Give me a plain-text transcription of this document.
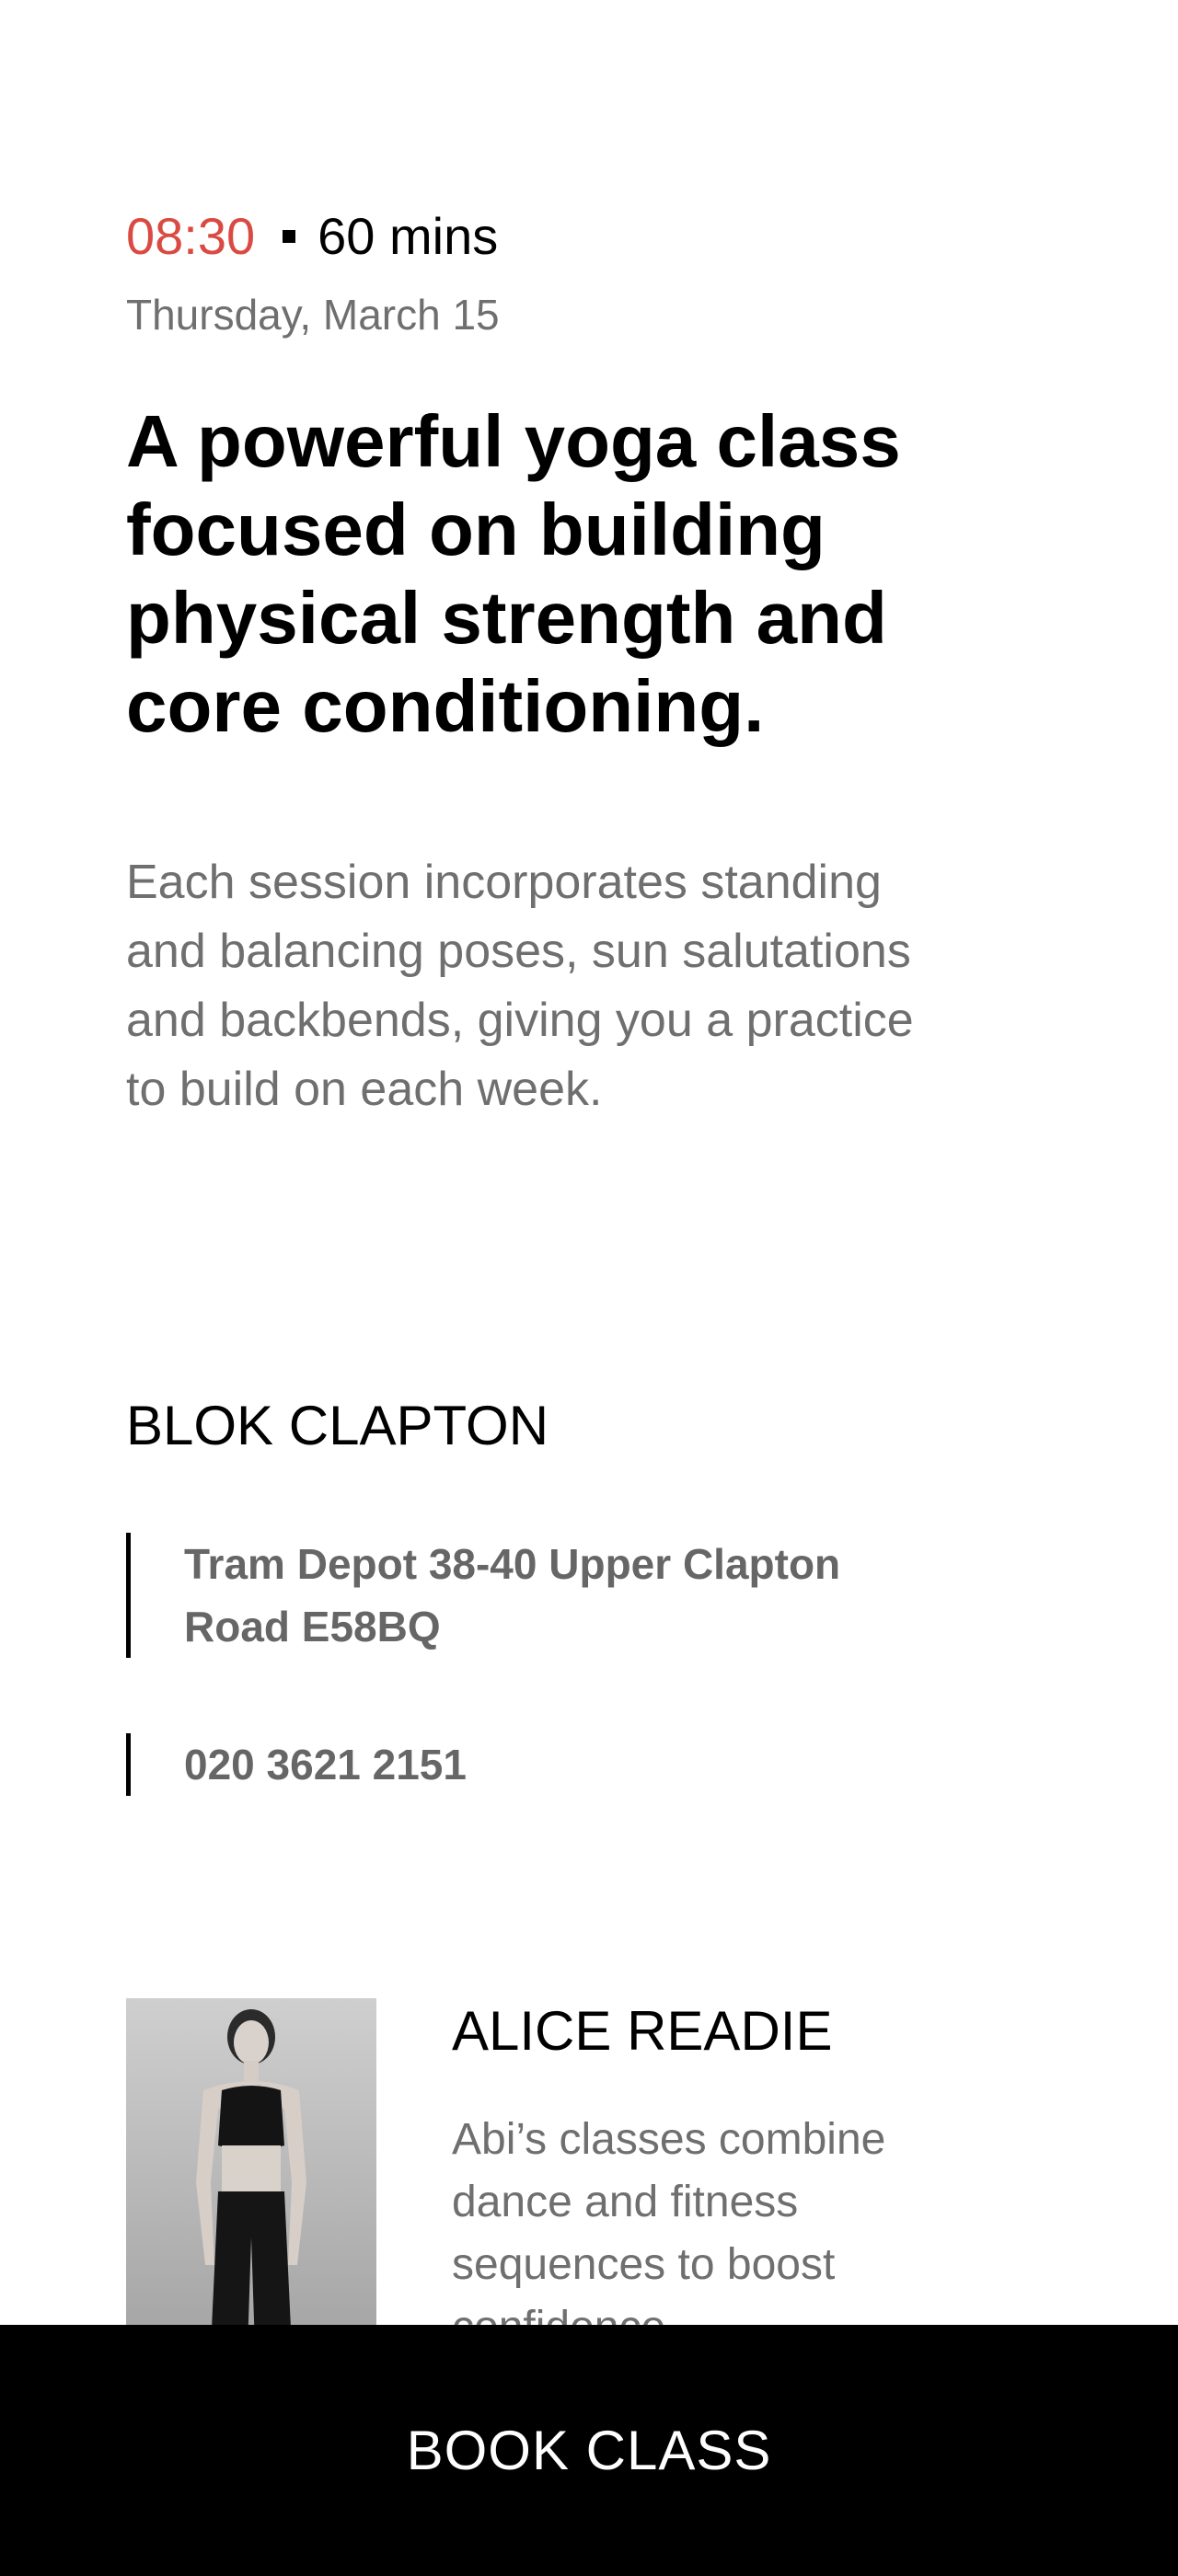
08:30 60 mins
Thursday, March 15
A powerful yoga class focused on building physical strength and core conditioning.

Each session incorporates standing and balancing poses, sun salutations and backbends, giving you a practice to build on each week.

BLOK CLAPTON
Tram Depot 38-40 Upper Clapton Road E58BQ
020 3621 2151
ALICE READIE

Abi’s classes combine dance and fitness sequences to boost

BOOK CLASS
